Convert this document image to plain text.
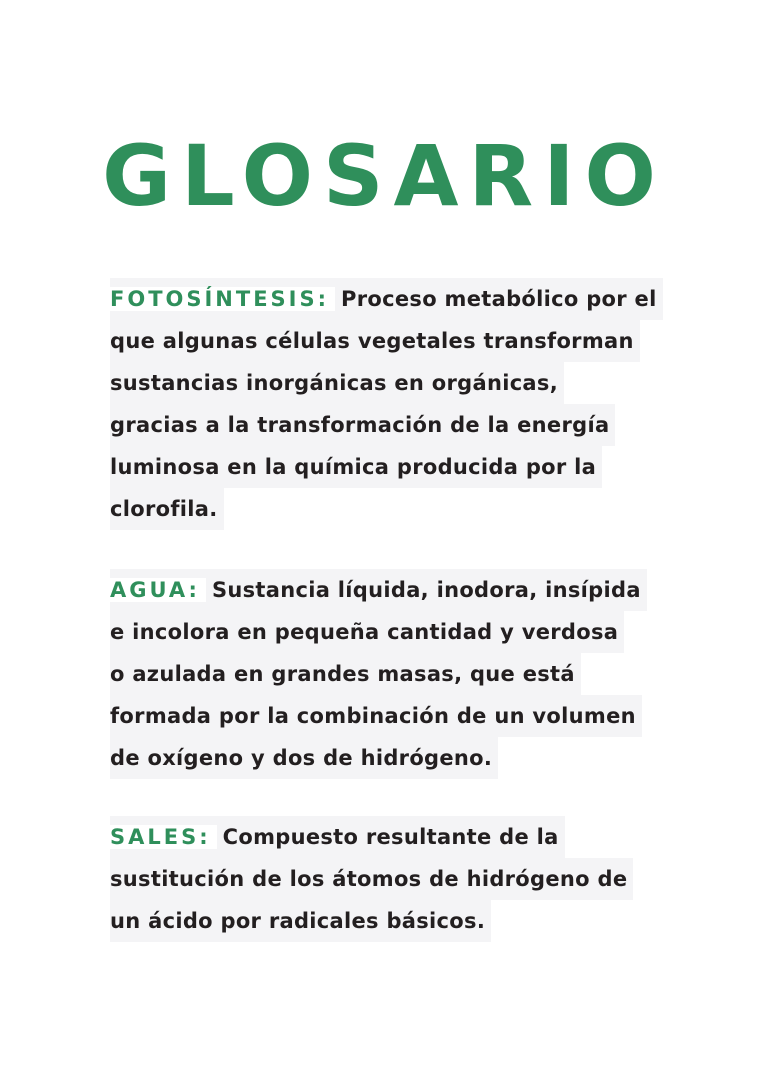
GLOSARIO
FOTOSÍNTESIS: Proceso metabólico por el
que algunas células vegetales transforman
sustancias inorgánicas en orgánicas,
gracias a la transformación de la energía
luminosa en la química producida por la
clorofila.
AGUA: Sustancia líquida, inodora, insípida
e incolora en pequeña cantidad y verdosa
o azulada en grandes masas, que está
formada por la combinación de un volumen
de oxígeno y dos de hidrógeno.
SALES: Compuesto resultante de la
sustitución de los átomos de hidrógeno de
un ácido por radicales básicos.
